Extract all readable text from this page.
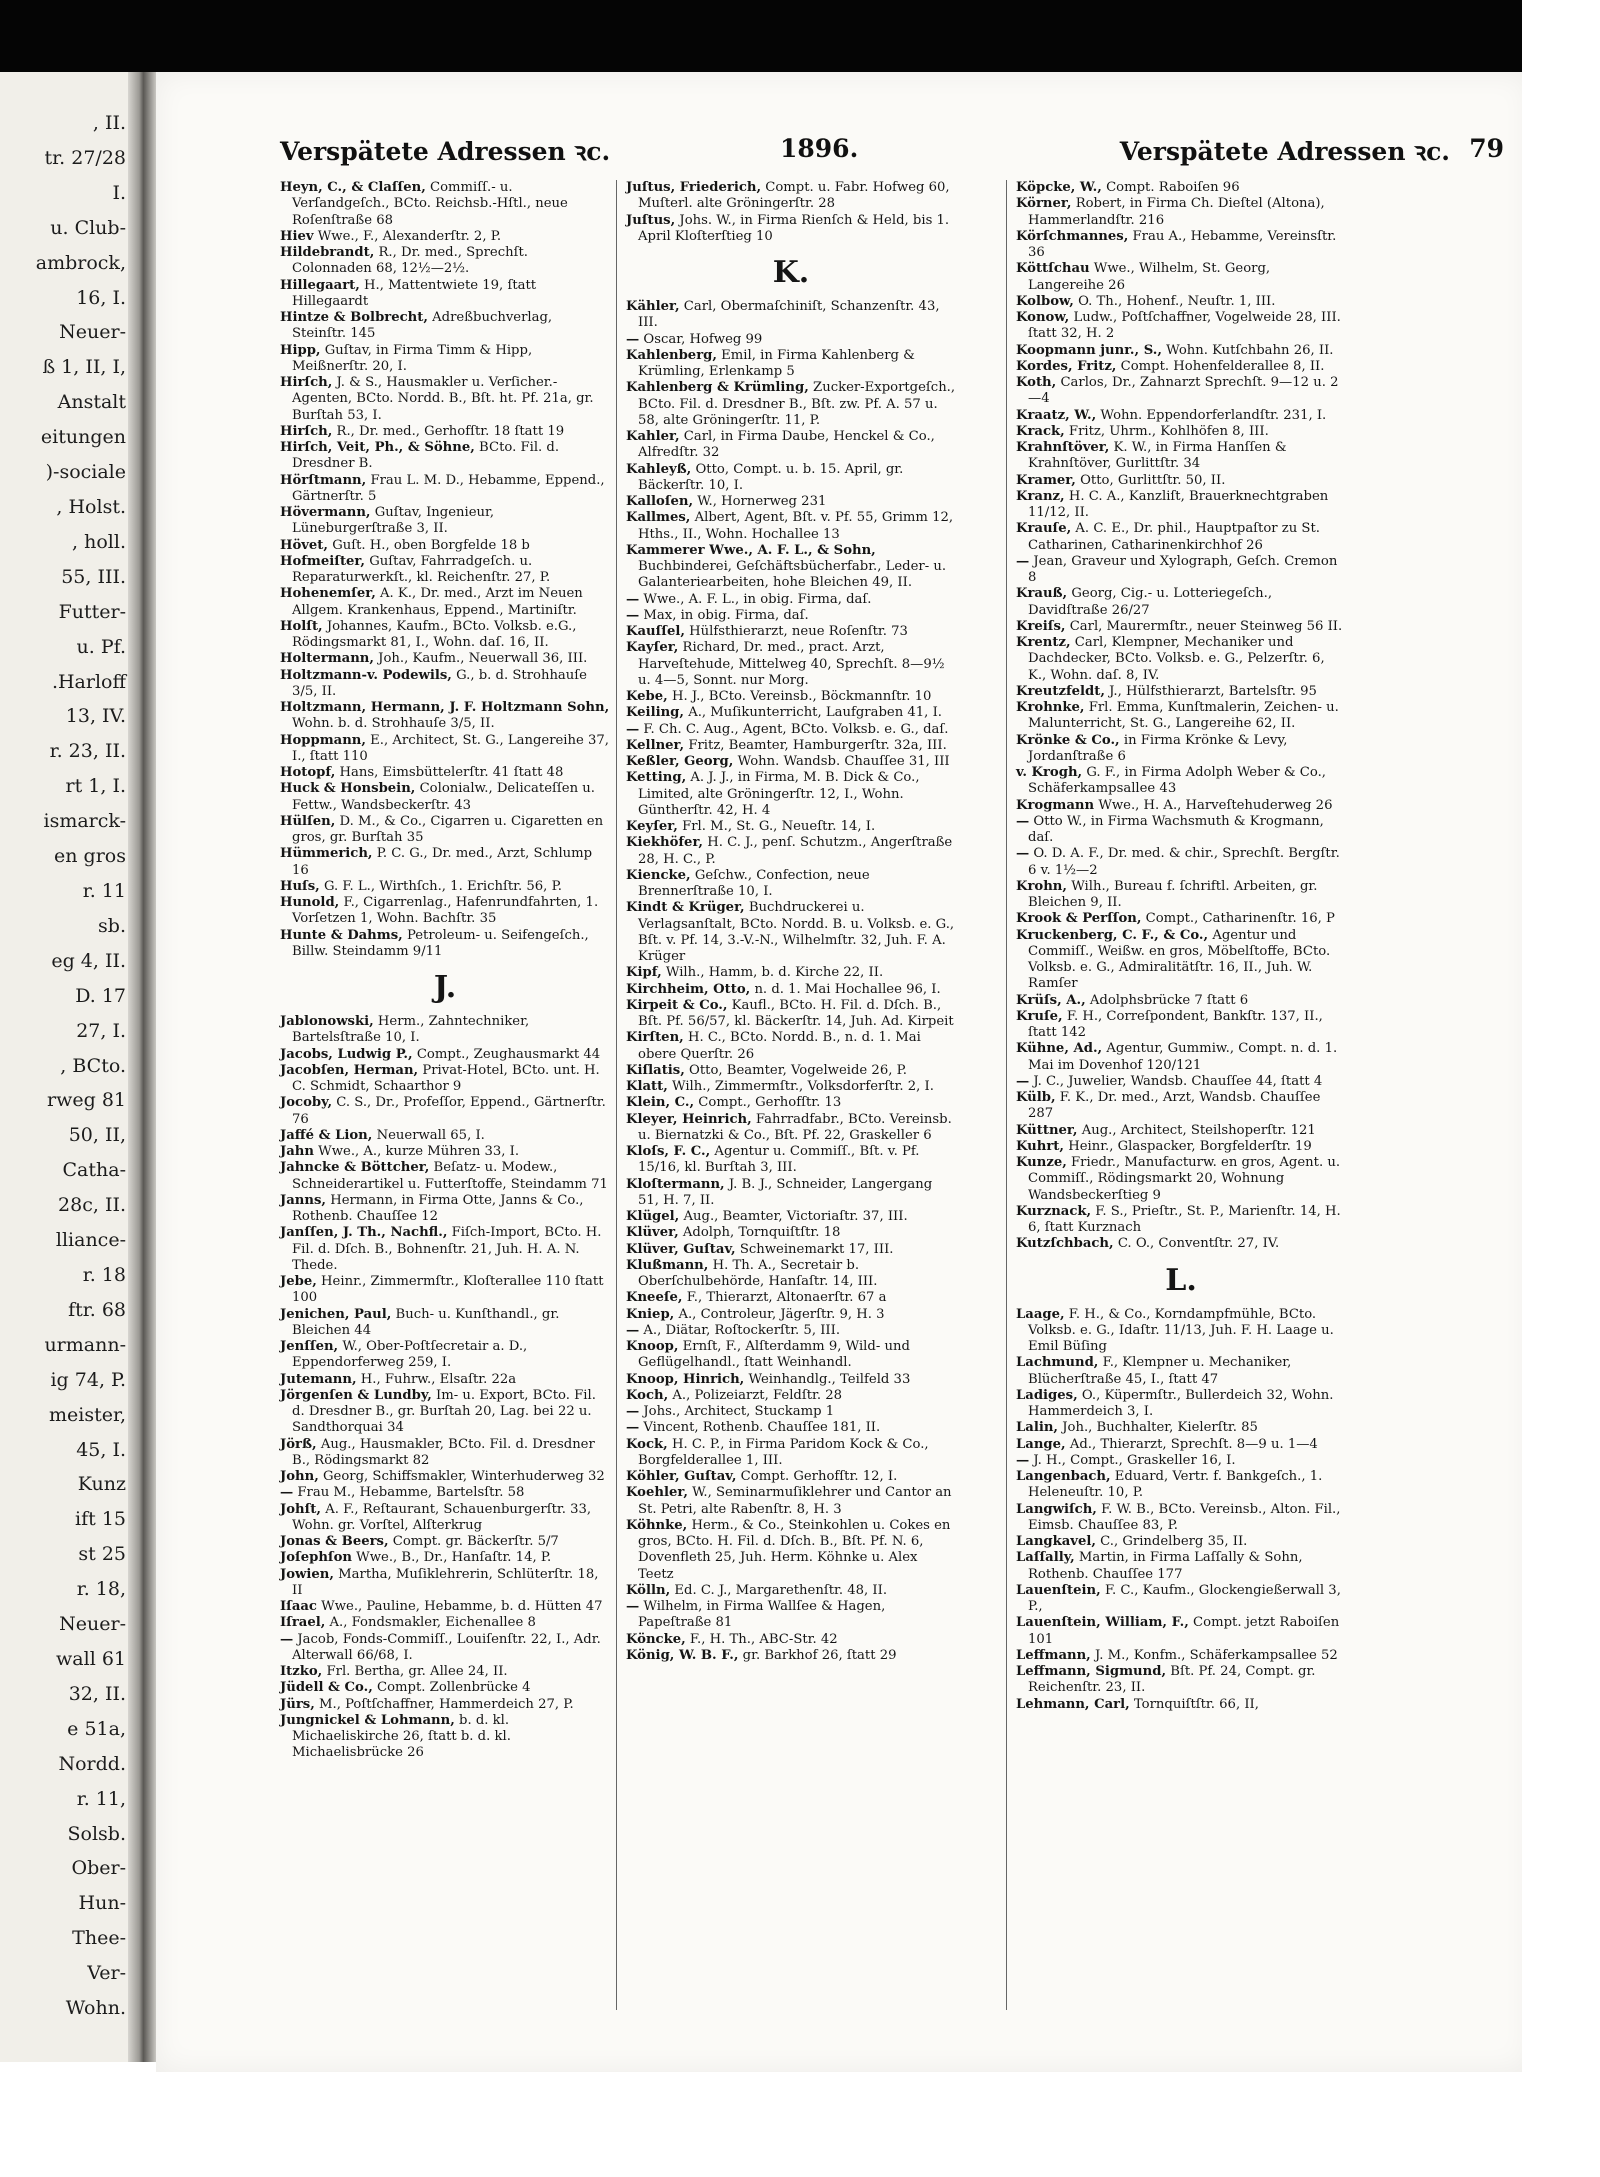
, II.
tr. 27/28
I.
u. Club-
ambrock,
16, I.
Neuer-
ß 1, II, I,
Anstalt
eitungen
)-sociale
, Holst.
, holl.
55, III.
Futter-
u. Pf.
.Harloff
13, IV.
r. 23, II.
rt 1, I.
ismarck-
en gros
r. 11
sb.
eg 4, II.
D. 17
27, I.
, BCto.
rweg 81
50, II,
Catha-
28c, II.
lliance-
r. 18
ftr. 68
urmann-
ig 74, P.
meister,
45, I.
Kunz
ift 15
st 25
r. 18,
Neuer-
wall 61
32, II.
e 51a,
Nordd.
r. 11,
Solsb.
Ober-
Hun-
Thee-
Ver-
Wohn.
Verspätete Adressen ꝛc.	1896.	Verspätete Adressen ꝛc. 79

Heyn, C., & Claſſen, Commiſſ.- u. Verſandgeſch., BCto. Reichsb.-Hſtl., neue Roſenſtraße 68

Hiev Wwe., F., Alexanderſtr. 2, P.

Hildebrandt, R., Dr. med., Sprechſt. Colonnaden 68, 12½—2½.

Hillegaart, H., Mattentwiete 19, ſtatt Hillegaardt

Hintze & Bolbrecht, Adreßbuchverlag, Steinſtr. 145

Hipp, Guſtav, in Firma Timm & Hipp, Meißnerſtr. 20, I.

Hirſch, J. & S., Hausmakler u. Verſicher.-Agenten, BCto. Nordd. B., Bſt. ht. Pf. 21a, gr. Burſtah 53, I.

Hirſch, R., Dr. med., Gerhofſtr. 18 ſtatt 19

Hirſch, Veit, Ph., & Söhne, BCto. Fil. d. Dresdner B.

Hörſtmann, Frau L. M. D., Hebamme, Eppend., Gärtnerſtr. 5

Hövermann, Guſtav, Ingenieur, Lüneburgerſtraße 3, II.

Hövet, Guſt. H., oben Borgfelde 18 b

Hofmeiſter, Guſtav, Fahrradgeſch. u. Reparaturwerkſt., kl. Reichenſtr. 27, P.

Hohenemſer, A. K., Dr. med., Arzt im Neuen Allgem. Krankenhaus, Eppend., Martiniſtr.

Holſt, Johannes, Kaufm., BCto. Volksb. e.G., Rödingsmarkt 81, I., Wohn. daſ. 16, II.

Holtermann, Joh., Kaufm., Neuerwall 36, III.

Holtzmann-v. Podewils, G., b. d. Strohhauſe 3/5, II.

Holtzmann, Hermann, J. F. Holtzmann Sohn, Wohn. b. d. Strohhauſe 3/5, II.

Hoppmann, E., Architect, St. G., Langereihe 37, I., ſtatt 110

Hotopf, Hans, Eimsbüttelerſtr. 41 ſtatt 48

Huck & Honsbein, Colonialw., Delicateſſen u. Fettw., Wandsbeckerſtr. 43

Hülſen, D. M., & Co., Cigarren u. Cigaretten en gros, gr. Burſtah 35

Hümmerich, P. C. G., Dr. med., Arzt, Schlump 16

Huſs, G. F. L., Wirthſch., 1. Erichſtr. 56, P.

Hunold, F., Cigarrenlag., Hafenrundfahrten, 1. Vorſetzen 1, Wohn. Bachſtr. 35

Hunte & Dahms, Petroleum- u. Seifengeſch., Billw. Steindamm 9/11

J.

Jablonowski, Herm., Zahntechniker, Bartelsſtraße 10, I.

Jacobs, Ludwig P., Compt., Zeughausmarkt 44

Jacobſen, Herman, Privat-Hotel, BCto. unt. H. C. Schmidt, Schaarthor 9

Jocoby, C. S., Dr., Profeſſor, Eppend., Gärtnerſtr. 76

Jaffé & Lion, Neuerwall 65, I.

Jahn Wwe., A., kurze Mühren 33, I.

Jahncke & Böttcher, Beſatz- u. Modew., Schneiderartikel u. Futterſtoffe, Steindamm 71

Janns, Hermann, in Firma Otte, Janns & Co., Rothenb. Chauſſee 12

Janſſen, J. Th., Nachfl., Fiſch-Import, BCto. H. Fil. d. Dſch. B., Bohnenſtr. 21, Juh. H. A. N. Thede.

Jebe, Heinr., Zimmermſtr., Kloſterallee 110 ſtatt 100

Jenichen, Paul, Buch- u. Kunſthandl., gr. Bleichen 44

Jenſſen, W., Ober-Poſtſecretair a. D., Eppendorferweg 259, I.

Jutemann, H., Fuhrw., Elsaſtr. 22a

Jörgenſen & Lundby, Im- u. Export, BCto. Fil. d. Dresdner B., gr. Burſtah 20, Lag. bei 22 u. Sandthorquai 34

Jörß, Aug., Hausmakler, BCto. Fil. d. Dresdner B., Rödingsmarkt 82

John, Georg, Schiffsmakler, Winterhuderweg 32

— Frau M., Hebamme, Bartelsſtr. 58

Johſt, A. F., Reſtaurant, Schauenburgerſtr. 33, Wohn. gr. Vorſtel, Alſterkrug

Jonas & Beers, Compt. gr. Bäckerſtr. 5/7

Joſephſon Wwe., B., Dr., Hanſaſtr. 14, P.

Jowien, Martha, Muſiklehrerin, Schlüterſtr. 18, II

Iſaac Wwe., Pauline, Hebamme, b. d. Hütten 47

Iſrael, A., Fondsmakler, Eichenallee 8

— Jacob, Fonds-Commiſſ., Louiſenſtr. 22, I., Adr. Alterwall 66/68, I.

Itzko, Frl. Bertha, gr. Allee 24, II.

Jüdell & Co., Compt. Zollenbrücke 4

Jürs, M., Poſtſchaffner, Hammerdeich 27, P.

Jungnickel & Lohmann, b. d. kl. Michaeliskirche 26, ſtatt b. d. kl. Michaelisbrücke 26

Juſtus, Friederich, Compt. u. Fabr. Hofweg 60, Muſterl. alte Gröningerſtr. 28

Juſtus, Johs. W., in Firma Rienſch & Held, bis 1. April Kloſterſtieg 10

K.

Kähler, Carl, Obermaſchiniſt, Schanzenſtr. 43, III.

— Oscar, Hofweg 99

Kahlenberg, Emil, in Firma Kahlenberg & Krümling, Erlenkamp 5

Kahlenberg & Krümling, Zucker-Exportgeſch., BCto. Fil. d. Dresdner B., Bſt. zw. Pf. A. 57 u. 58, alte Gröningerſtr. 11, P.

Kahler, Carl, in Firma Daube, Henckel & Co., Alfredſtr. 32

Kahleyß, Otto, Compt. u. b. 15. April, gr. Bäckerſtr. 10, I.

Kalloſen, W., Hornerweg 231

Kallmes, Albert, Agent, Bſt. v. Pf. 55, Grimm 12, Hths., II., Wohn. Hochallee 13

Kammerer Wwe., A. F. L., & Sohn, Buchbinderei, Geſchäftsbücherfabr., Leder- u. Galanteriearbeiten, hohe Bleichen 49, II.

— Wwe., A. F. L., in obig. Firma, daſ.

— Max, in obig. Firma, daſ.

Kauſſel, Hülfsthierarzt, neue Roſenſtr. 73

Kayſer, Richard, Dr. med., pract. Arzt, Harveſtehude, Mittelweg 40, Sprechſt. 8—9½ u. 4—5, Sonnt. nur Morg.

Kebe, H. J., BCto. Vereinsb., Böckmannſtr. 10

Keiling, A., Muſikunterricht, Laufgraben 41, I.

— F. Ch. C. Aug., Agent, BCto. Volksb. e. G., daſ.

Kellner, Fritz, Beamter, Hamburgerſtr. 32a, III.

Keßler, Georg, Wohn. Wandsb. Chauſſee 31, III

Ketting, A. J. J., in Firma, M. B. Dick & Co., Limited, alte Gröningerſtr. 12, I., Wohn. Güntherſtr. 42, H. 4

Keyſer, Frl. M., St. G., Neueſtr. 14, I.

Kiekhöfer, H. C. J., penſ. Schutzm., Angerſtraße 28, H. C., P.

Kiencke, Geſchw., Confection, neue Brennerſtraße 10, I.

Kindt & Krüger, Buchdruckerei u. Verlagsanſtalt, BCto. Nordd. B. u. Volksb. e. G., Bſt. v. Pf. 14, 3.-V.-N., Wilhelmſtr. 32, Juh. F. A. Krüger

Kipf, Wilh., Hamm, b. d. Kirche 22, II.

Kirchheim, Otto, n. d. 1. Mai Hochallee 96, I.

Kirpeit & Co., Kaufl., BCto. H. Fil. d. Dſch. B., Bſt. Pf. 56/57, kl. Bäckerſtr. 14, Juh. Ad. Kirpeit

Kirſten, H. C., BCto. Nordd. B., n. d. 1. Mai obere Querſtr. 26

Kiſlatis, Otto, Beamter, Vogelweide 26, P.

Klatt, Wilh., Zimmermſtr., Volksdorferſtr. 2, I.

Klein, C., Compt., Gerhofſtr. 13

Kleyer, Heinrich, Fahrradfabr., BCto. Vereinsb. u. Biernatzki & Co., Bſt. Pf. 22, Graskeller 6

Kloſs, F. C., Agentur u. Commiſſ., Bſt. v. Pf. 15/16, kl. Burſtah 3, III.

Kloſtermann, J. B. J., Schneider, Langergang 51, H. 7, II.

Klügel, Aug., Beamter, Victoriaſtr. 37, III.

Klüver, Adolph, Tornquiſtſtr. 18

Klüver, Guſtav, Schweinemarkt 17, III.

Klußmann, H. Th. A., Secretair b. Oberſchulbehörde, Hanſaſtr. 14, III.

Kneeſe, F., Thierarzt, Altonaerſtr. 67 a

Kniep, A., Controleur, Jägerſtr. 9, H. 3

— A., Diätar, Roſtockerſtr. 5, III.

Knoop, Ernſt, F., Alſterdamm 9, Wild- und Geflügelhandl., ſtatt Weinhandl.

Knoop, Hinrich, Weinhandlg., Teilfeld 33

Koch, A., Polizeiarzt, Feldſtr. 28

— Johs., Architect, Stuckamp 1

— Vincent, Rothenb. Chauſſee 181, II.

Kock, H. C. P., in Firma Paridom Kock & Co., Borgfelderallee 1, III.

Köhler, Guſtav, Compt. Gerhofſtr. 12, I.

Koehler, W., Seminarmuſiklehrer und Cantor an St. Petri, alte Rabenſtr. 8, H. 3

Köhnke, Herm., & Co., Steinkohlen u. Cokes en gros, BCto. H. Fil. d. Dſch. B., Bſt. Pf. N. 6, Dovenfleth 25, Juh. Herm. Köhnke u. Alex Teetz

Kölln, Ed. C. J., Margarethenſtr. 48, II.

— Wilhelm, in Firma Wallſee & Hagen, Papeſtraße 81

Köncke, F., H. Th., ABC-Str. 42

König, W. B. F., gr. Barkhof 26, ſtatt 29

Köpcke, W., Compt. Raboiſen 96

Körner, Robert, in Firma Ch. Dieſtel (Altona), Hammerlandſtr. 216

Körſchmannes, Frau A., Hebamme, Vereinsſtr. 36

Köttſchau Wwe., Wilhelm, St. Georg, Langereihe 26

Kolbow, O. Th., Hohenf., Neuſtr. 1, III.

Konow, Ludw., Poſtſchaffner, Vogelweide 28, III. ſtatt 32, H. 2

Koopmann junr., S., Wohn. Kutſchbahn 26, II.

Kordes, Fritz, Compt. Hohenfelderallee 8, II.

Koth, Carlos, Dr., Zahnarzt Sprechſt. 9—12 u. 2—4

Kraatz, W., Wohn. Eppendorferlandſtr. 231, I.

Krack, Fritz, Uhrm., Kohlhöfen 8, III.

Krahnſtöver, K. W., in Firma Hanſſen & Krahnſtöver, Gurlittſtr. 34

Kramer, Otto, Gurlittſtr. 50, II.

Kranz, H. C. A., Kanzliſt, Brauerknechtgraben 11/12, II.

Krauſe, A. C. E., Dr. phil., Hauptpaſtor zu St. Catharinen, Catharinenkirchhof 26

— Jean, Graveur und Xylograph, Geſch. Cremon 8

Krauß, Georg, Cig.- u. Lotteriegeſch., Davidſtraße 26/27

Kreiſs, Carl, Maurermſtr., neuer Steinweg 56 II.

Krentz, Carl, Klempner, Mechaniker und Dachdecker, BCto. Volksb. e. G., Pelzerſtr. 6, K., Wohn. daſ. 8, IV.

Kreutzfeldt, J., Hülfsthierarzt, Bartelsſtr. 95

Krohnke, Frl. Emma, Kunſtmalerin, Zeichen- u. Malunterricht, St. G., Langereihe 62, II.

Krönke & Co., in Firma Krönke & Levy, Jordanſtraße 6

v. Krogh, G. F., in Firma Adolph Weber & Co., Schäferkampsallee 43

Krogmann Wwe., H. A., Harveſtehuderweg 26

— Otto W., in Firma Wachsmuth & Krogmann, daſ.

— O. D. A. F., Dr. med. & chir., Sprechſt. Bergſtr. 6 v. 1½—2

Krohn, Wilh., Bureau f. ſchriftl. Arbeiten, gr. Bleichen 9, II.

Krook & Perſſon, Compt., Catharinenſtr. 16, P

Kruckenberg, C. F., & Co., Agentur und Commiſſ., Weißw. en gros, Möbelſtoffe, BCto. Volksb. e. G., Admiralitätſtr. 16, II., Juh. W. Ramſer

Krüſs, A., Adolphsbrücke 7 ſtatt 6

Kruſe, F. H., Correſpondent, Bankſtr. 137, II., ſtatt 142

Kühne, Ad., Agentur, Gummiw., Compt. n. d. 1. Mai im Dovenhof 120/121

— J. C., Juwelier, Wandsb. Chauſſee 44, ſtatt 4

Külb, F. K., Dr. med., Arzt, Wandsb. Chauſſee 287

Küttner, Aug., Architect, Steilshoperſtr. 121

Kuhrt, Heinr., Glaspacker, Borgfelderſtr. 19

Kunze, Friedr., Manufacturw. en gros, Agent. u. Commiſſ., Rödingsmarkt 20, Wohnung Wandsbeckerſtieg 9

Kurznack, F. S., Prieſtr., St. P., Marienſtr. 14, H. 6, ſtatt Kurznach

Kutzſchbach, C. O., Conventſtr. 27, IV.

L.

Laage, F. H., & Co., Korndampfmühle, BCto. Volksb. e. G., Idaſtr. 11/13, Juh. F. H. Laage u. Emil Büſing

Lachmund, F., Klempner u. Mechaniker, Blücherſtraße 45, I., ſtatt 47

Ladiges, O., Küpermſtr., Bullerdeich 32, Wohn. Hammerdeich 3, I.

Lalin, Joh., Buchhalter, Kielerſtr. 85

Lange, Ad., Thierarzt, Sprechſt. 8—9 u. 1—4

— J. H., Compt., Graskeller 16, I.

Langenbach, Eduard, Vertr. f. Bankgeſch., 1. Heleneuſtr. 10, P.

Langwiſch, F. W. B., BCto. Vereinsb., Alton. Fil., Eimsb. Chauſſee 83, P.

Langkavel, C., Grindelberg 35, II.

Laſſally, Martin, in Firma Laſſally & Sohn, Rothenb. Chauſſee 177

Lauenſtein, F. C., Kaufm., Glockengießerwall 3, P.,

Lauenſtein, William, F., Compt. jetzt Raboiſen 101

Leffmann, J. M., Konfm., Schäferkampsallee 52

Leffmann, Sigmund, Bſt. Pf. 24, Compt. gr. Reichenſtr. 23, II.

Lehmann, Carl, Tornquiſtſtr. 66, II,
